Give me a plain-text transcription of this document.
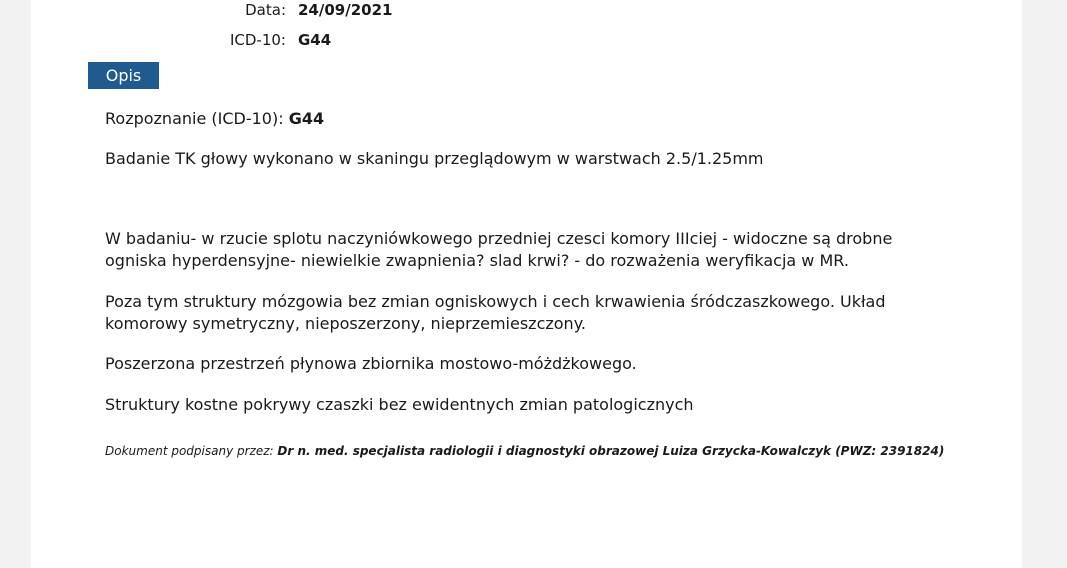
Data: 24/09/2021
ICD-10: G44
Opis

Rozpoznanie (ICD-10): G44

Badanie TK głowy wykonano w skaningu przeglądowym w warstwach 2.5/1.25mm

W badaniu- w rzucie splotu naczyniówkowego przedniej czesci komory IIIciej - widoczne są drobne ogniska hyperdensyjne- niewielkie zwapnienia? slad krwi? - do rozważenia weryfikacja w MR.

Poza tym struktury mózgowia bez zmian ogniskowych i cech krwawienia śródczaszkowego. Układ komorowy symetryczny, nieposzerzony, nieprzemieszczony.

Poszerzona przestrzeń płynowa zbiornika mostowo-móżdżkowego.

Struktury kostne pokrywy czaszki bez ewidentnych zmian patologicznych

Dokument podpisany przez: Dr n. med. specjalista radiologii i diagnostyki obrazowej Luiza Grzycka-Kowalczyk (PWZ: 2391824)
